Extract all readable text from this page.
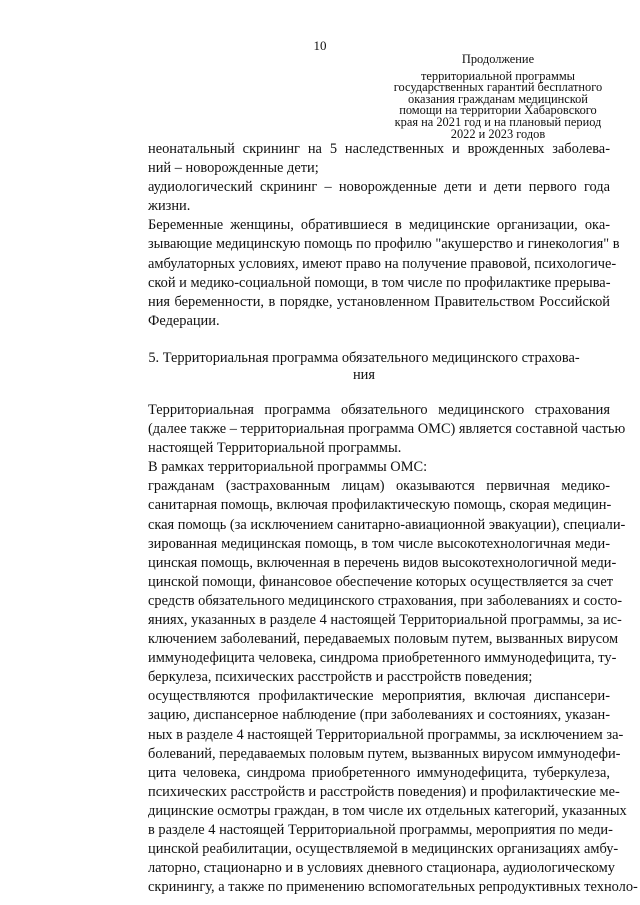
10
Продолжение
территориальной программы
государственных гарантий бесплатного
оказания гражданам медицинской
помощи на территории Хабаровского
края на 2021 год и на плановый период
2022 и 2023 годов

неонатальный скрининг на 5 наследственных и врожденных заболева-
ний – новорожденные дети;

аудиологический скрининг – новорожденные дети и дети первого года
жизни.

Беременные женщины, обратившиеся в медицинские организации, ока-
зывающие медицинскую помощь по профилю "акушерство и гинекология" в
амбулаторных условиях, имеют право на получение правовой, психологиче-
ской и медико-социальной помощи, в том числе по профилактике прерыва-
ния беременности, в порядке, установленном Правительством Российской
Федерации.

5. Территориальная программа обязательного медицинского страхова-
ния

Территориальная программа обязательного медицинского страхования
(далее также – территориальная программа ОМС) является составной частью
настоящей Территориальной программы.

В рамках территориальной программы ОМС:

гражданам (застрахованным лицам) оказываются первичная медико-
санитарная помощь, включая профилактическую помощь, скорая медицин-
ская помощь (за исключением санитарно-авиационной эвакуации), специали-
зированная медицинская помощь, в том числе высокотехнологичная меди-
цинская помощь, включенная в перечень видов высокотехнологичной меди-
цинской помощи, финансовое обеспечение которых осуществляется за счет
средств обязательного медицинского страхования, при заболеваниях и состо-
яниях, указанных в разделе 4 настоящей Территориальной программы, за ис-
ключением заболеваний, передаваемых половым путем, вызванных вирусом
иммунодефицита человека, синдрома приобретенного иммунодефицита, ту-
беркулеза, психических расстройств и расстройств поведения;

осуществляются профилактические мероприятия, включая диспансери-
зацию, диспансерное наблюдение (при заболеваниях и состояниях, указан-
ных в разделе 4 настоящей Территориальной программы, за исключением за-
болеваний, передаваемых половым путем, вызванных вирусом иммунодефи-
цита человека, синдрома приобретенного иммунодефицита, туберкулеза,
психических расстройств и расстройств поведения) и профилактические ме-
дицинские осмотры граждан, в том числе их отдельных категорий, указанных
в разделе 4 настоящей Территориальной программы, мероприятия по меди-
цинской реабилитации, осуществляемой в медицинских организациях амбу-
латорно, стационарно и в условиях дневного стационара, аудиологическому
скринингу, а также по применению вспомогательных репродуктивных техноло-
